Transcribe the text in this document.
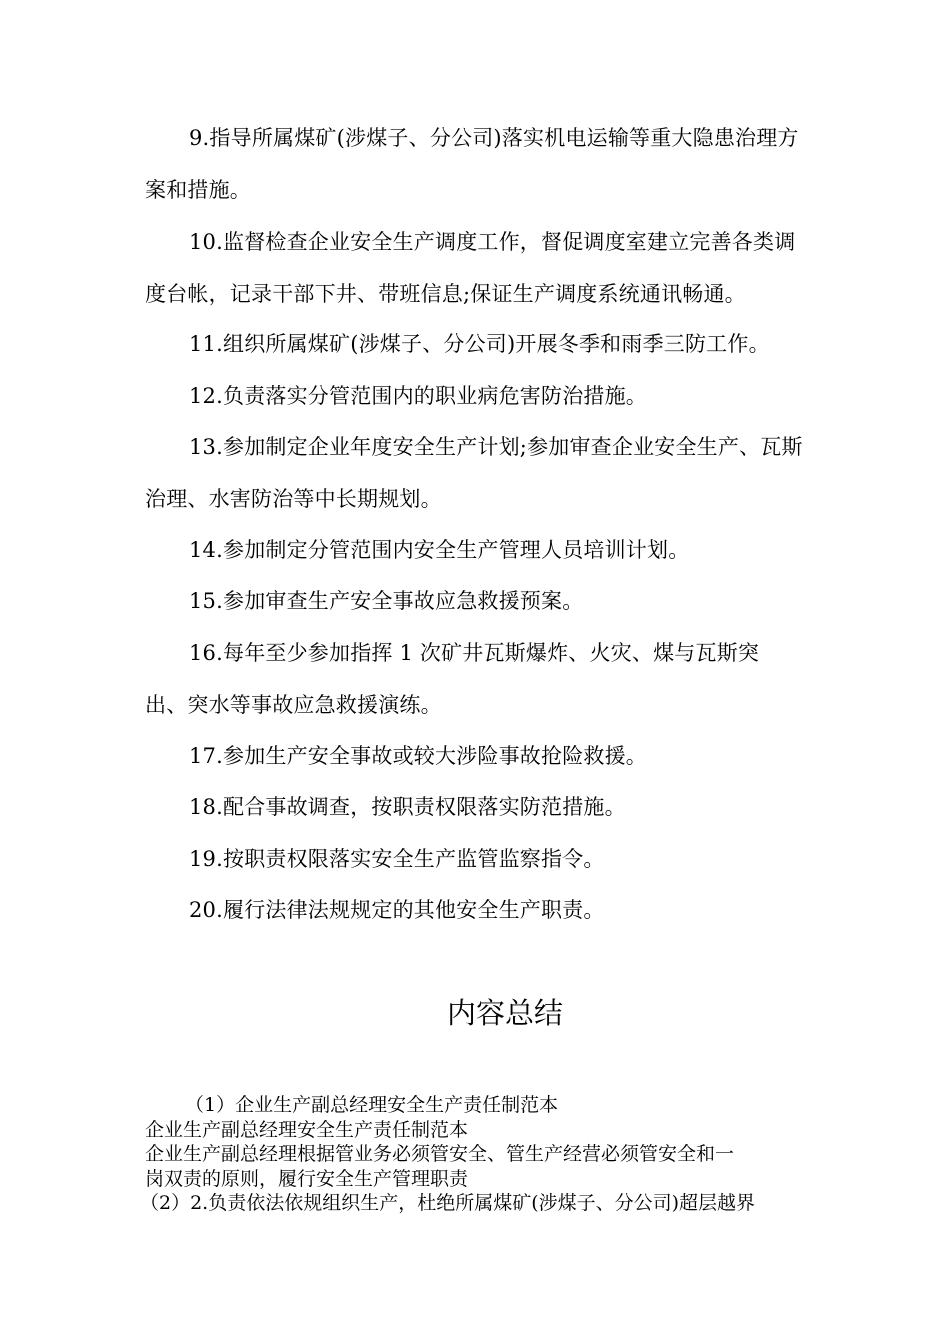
9.指导所属煤矿(涉煤子、分公司)落实机电运输等重大隐患治理方案和措施。

10.监督检查企业安全生产调度工作，督促调度室建立完善各类调度台帐，记录干部下井、带班信息;保证生产调度系统通讯畅通。

11.组织所属煤矿(涉煤子、分公司)开展冬季和雨季三防工作。

12.负责落实分管范围内的职业病危害防治措施。

13.参加制定企业年度安全生产计划;参加审查企业安全生产、瓦斯治理、水害防治等中长期规划。

14.参加制定分管范围内安全生产管理人员培训计划。

15.参加审查生产安全事故应急救援预案。

16.每年至少参加指挥 1 次矿井瓦斯爆炸、火灾、煤与瓦斯突出、突水等事故应急救援演练。

17.参加生产安全事故或较大涉险事故抢险救援。

18.配合事故调查，按职责权限落实防范措施。

19.按职责权限落实安全生产监管监察指令。

20.履行法律法规规定的其他安全生产职责。

内容总结
（1）企业生产副总经理安全生产责任制范本
企业生产副总经理安全生产责任制范本
企业生产副总经理根据管业务必须管安全、管生产经营必须管安全和一
岗双责的原则，履行安全生产管理职责
（2）2.负责依法依规组织生产，杜绝所属煤矿(涉煤子、分公司)超层越界
